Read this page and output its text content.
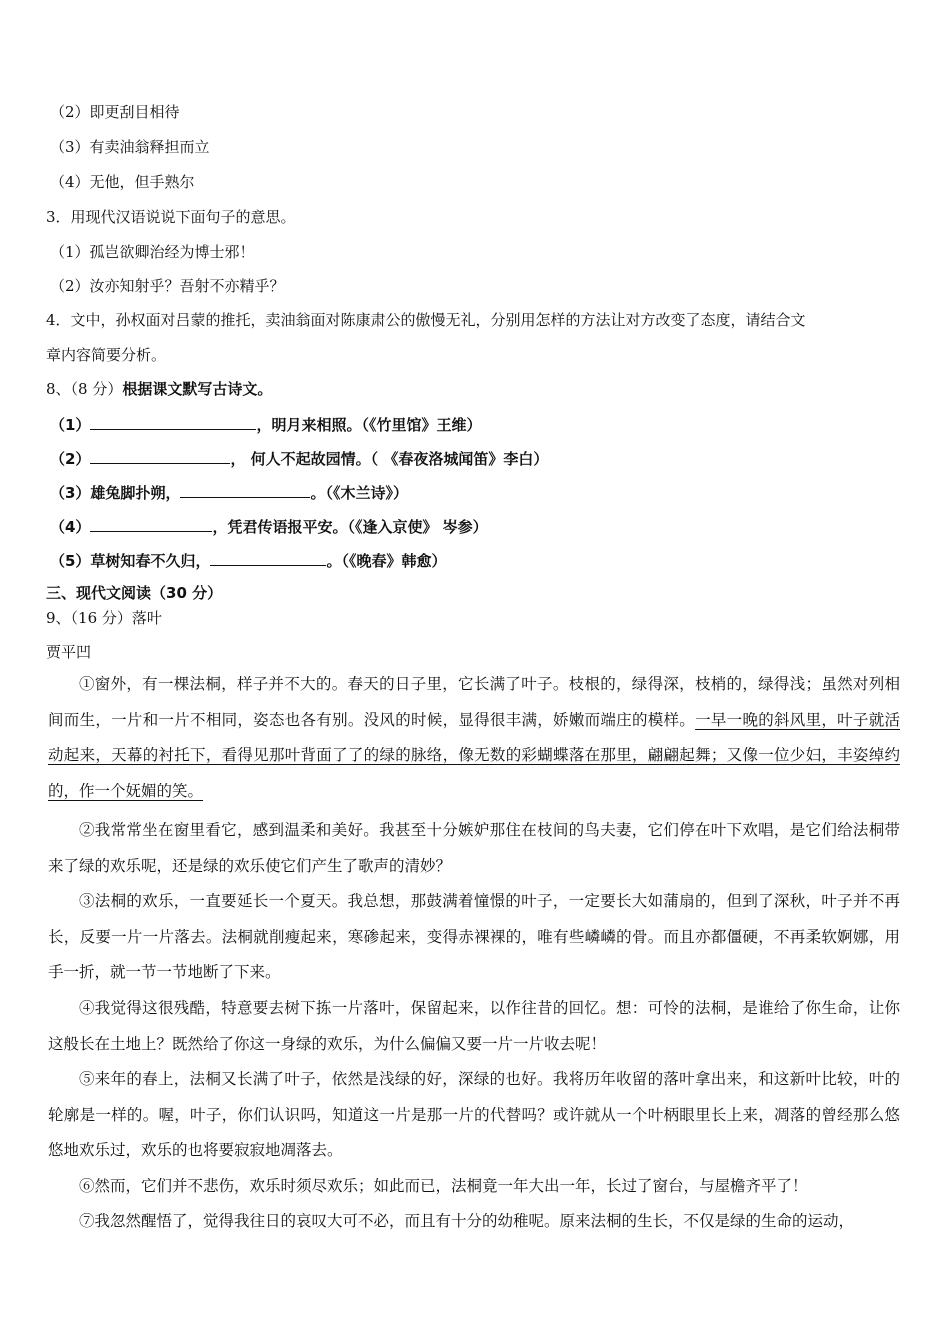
（2）即更刮目相待
（3）有卖油翁释担而立
（4）无他，但手熟尔
3．用现代汉语说说下面句子的意思。
（1）孤岂欲卿治经为博士邪！
（2）汝亦知射乎？吾射不亦精乎？
4．文中，孙权面对吕蒙的推托，卖油翁面对陈康肃公的傲慢无礼，分别用怎样的方法让对方改变了态度，请结合文
章内容简要分析。
8、（8 分）根据课文默写古诗文。
（1）	，明月来相照。（《竹里馆》王维）
（2）	， 何人不起故园情。（ 《春夜洛城闻笛》李白）
（3）雄兔脚扑朔，	。（《木兰诗》）
（4）	，凭君传语报平安。（《逢入京使》 岑参）
（5）草树知春不久归，	。（《晚春》韩愈）
三、现代文阅读（30 分）
9、（16 分）落叶
贾平凹
①窗外，有一棵法桐，样子并不大的。春天的日子里，它长满了叶子。枝根的，绿得深，枝梢的，绿得浅；虽然对列相间而生，一片和一片不相同，姿态也各有别。没风的时候，显得很丰满，娇嫩而端庄的模样。一早一晚的斜风里，叶子就活动起来，天幕的衬托下，看得见那叶背面了了的绿的脉络，像无数的彩蝴蝶落在那里，翩翩起舞；又像一位少妇，丰姿绰约的，作一个妩媚的笑。
②我常常坐在窗里看它，感到温柔和美好。我甚至十分嫉妒那住在枝间的鸟夫妻，它们停在叶下欢唱，是它们给法桐带来了绿的欢乐呢，还是绿的欢乐使它们产生了歌声的清妙？
③法桐的欢乐，一直要延长一个夏天。我总想，那鼓满着憧憬的叶子，一定要长大如蒲扇的，但到了深秋，叶子并不再长，反要一片一片落去。法桐就削瘦起来，寒碜起来，变得赤裸裸的，唯有些嶙嶙的骨。而且亦都僵硬，不再柔软婀娜，用手一折，就一节一节地断了下来。
④我觉得这很残酷，特意要去树下拣一片落叶，保留起来，以作往昔的回忆。想：可怜的法桐，是谁给了你生命，让你这般长在土地上？既然给了你这一身绿的欢乐，为什么偏偏又要一片一片收去呢！
⑤来年的春上，法桐又长满了叶子，依然是浅绿的好，深绿的也好。我将历年收留的落叶拿出来，和这新叶比较，叶的轮廓是一样的。喔，叶子，你们认识吗，知道这一片是那一片的代替吗？或许就从一个叶柄眼里长上来，凋落的曾经那么悠悠地欢乐过，欢乐的也将要寂寂地凋落去。
⑥然而，它们并不悲伤，欢乐时须尽欢乐；如此而已，法桐竟一年大出一年，长过了窗台，与屋檐齐平了！
⑦我忽然醒悟了，觉得我往日的哀叹大可不必，而且有十分的幼稚呢。原来法桐的生长，不仅是绿的生命的运动，
